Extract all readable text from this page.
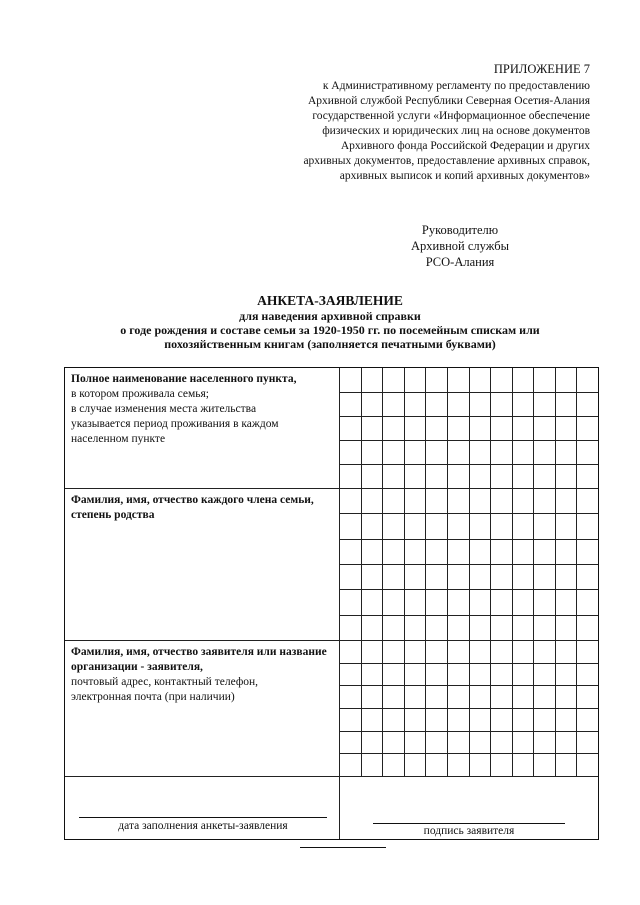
ПРИЛОЖЕНИЕ 7
к Административному регламенту по предоставлению
Архивной службой Республики Северная Осетия-Алания
государственной услуги «Информационное обеспечение
физических и юридических лиц на основе документов
Архивного фонда Российской Федерации и других
архивных документов, предоставление архивных справок,
архивных выписок и копий архивных документов»
Руководителю
Архивной службы
РСО-Алания
АНКЕТА-ЗАЯВЛЕНИЕ
для наведения архивной справки
о годе рождения и составе семьи за 1920-1950 гг. по посемейным спискам или
похозяйственным книгам (заполняется печатными буквами)
Полное наименование населенного пункта,
в котором проживала семья;
в случае изменения места жительства
указывается период проживания в каждом
населенном пункте
Фамилия, имя, отчество каждого члена семьи, степень родства
Фамилия, имя, отчество заявителя или название организации - заявителя,
почтовый адрес, контактный телефон,
электронная почта (при наличии)
дата заполнения анкеты-заявления	подпись заявителя
